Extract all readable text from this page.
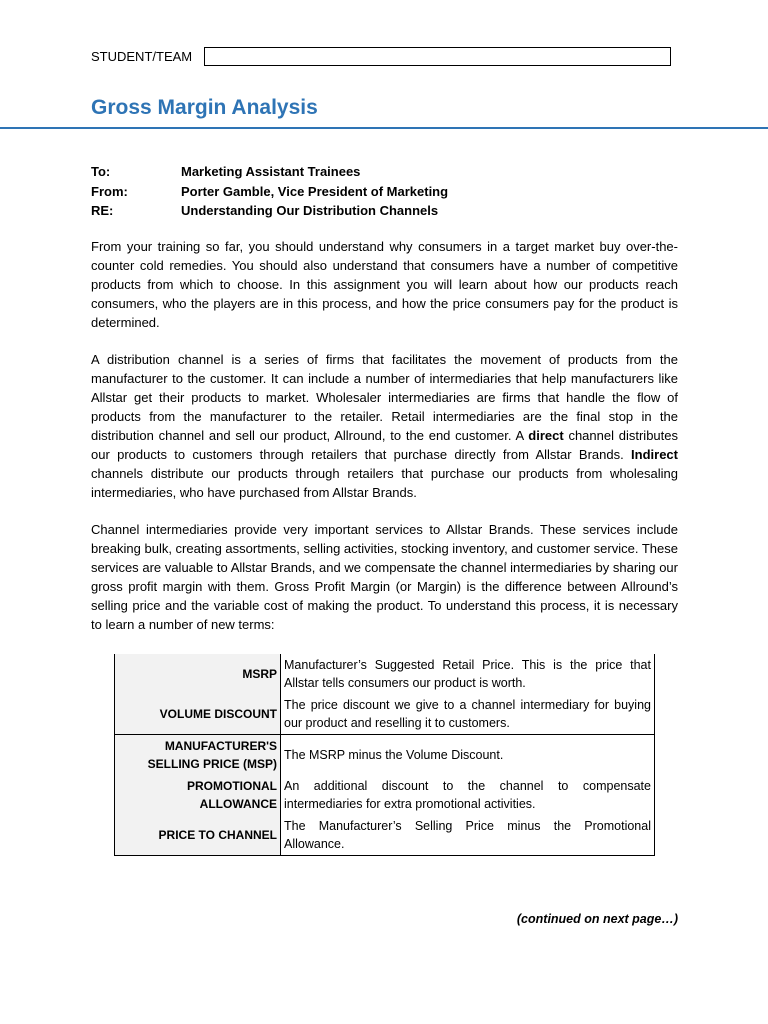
STUDENT/TEAM
Gross Margin Analysis
To:	Marketing Assistant Trainees
From:	Porter Gamble, Vice President of Marketing
RE:	Understanding Our Distribution Channels

From your training so far, you should understand why consumers in a target market buy over-the-counter cold remedies. You should also understand that consumers have a number of competitive products from which to choose. In this assignment you will learn about how our products reach consumers, who the players are in this process, and how the price consumers pay for the product is determined.

A distribution channel is a series of firms that facilitates the movement of products from the manufacturer to the customer. It can include a number of intermediaries that help manufacturers like Allstar get their products to market. Wholesaler intermediaries are firms that handle the flow of products from the manufacturer to the retailer. Retail intermediaries are the final stop in the distribution channel and sell our product, Allround, to the end customer. A direct channel distributes our products to customers through retailers that purchase directly from Allstar Brands. Indirect channels distribute our products through retailers that purchase our products from wholesaling intermediaries, who have purchased from Allstar Brands.

Channel intermediaries provide very important services to Allstar Brands. These services include breaking bulk, creating assortments, selling activities, stocking inventory, and customer service. These services are valuable to Allstar Brands, and we compensate the channel intermediaries by sharing our gross profit margin with them. Gross Profit Margin (or Margin) is the difference between Allround’s selling price and the variable cost of making the product. To understand this process, it is necessary to learn a number of new terms:

MSRP	Manufacturer’s Suggested Retail Price. This is the price that Allstar tells consumers our product is worth.
VOLUME DISCOUNT	The price discount we give to a channel intermediary for buying our product and reselling it to customers.
MANUFACTURER'S SELLING PRICE (MSP)	The MSRP minus the Volume Discount.
PROMOTIONAL ALLOWANCE	An additional discount to the channel to compensate intermediaries for extra promotional activities.
PRICE TO CHANNEL	The Manufacturer’s Selling Price minus the Promotional Allowance.
(continued on next page…)
